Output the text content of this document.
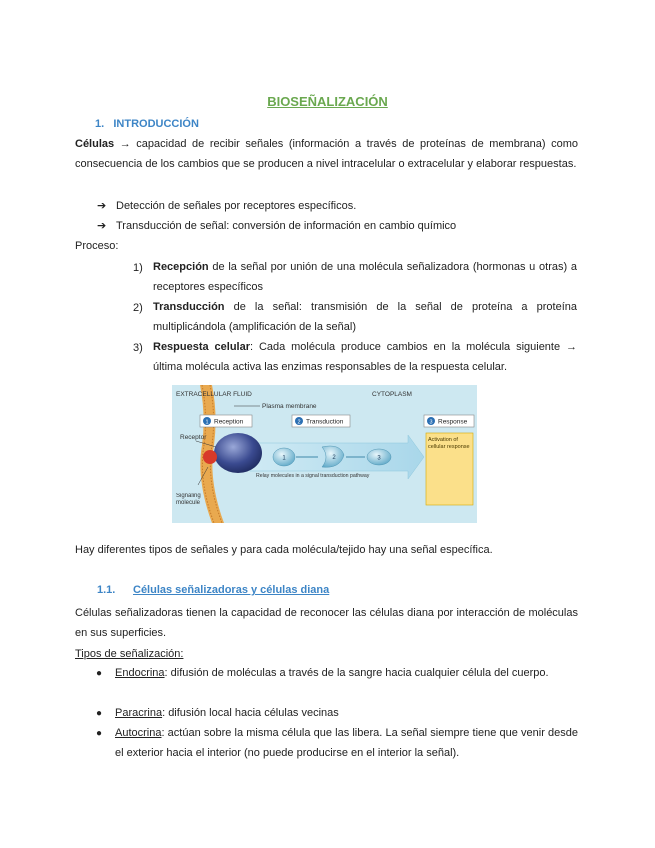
BIOSEÑALIZACIÓN
1. INTRODUCCIÓN
Células → capacidad de recibir señales (información a través de proteínas de membrana) como consecuencia de los cambios que se producen a nivel intracelular o extracelular y elaborar respuestas.
➔ Detección de señales por receptores específicos.
➔ Transducción de señal: conversión de información en cambio químico
Proceso:
1) Recepción de la señal por unión de una molécula señalizadora (hormonas u otras) a receptores específicos
2) Transducción de la señal: transmisión de la señal de proteína a proteína multiplicándola (amplificación de la señal)
3) Respuesta celular: Cada molécula produce cambios en la molécula siguiente → última molécula activa las enzimas responsables de la respuesta celular.
EXTRACELLULAR FLUID
Plasma membrane
CYTOPLASM
1 Reception	2 Transduction	3 Response
Receptor
1	2	3
Relay molecules in a signal transduction pathway
Activation of cellular response
Signaling molecule
Hay diferentes tipos de señales y para cada molécula/tejido hay una señal específica.
1.1. Células señalizadoras y células diana
Células señalizadoras tienen la capacidad de reconocer las células diana por interacción de moléculas en sus superficies.
Tipos de señalización:
● Endocrina: difusión de moléculas a través de la sangre hacia cualquier célula del cuerpo.
● Paracrina: difusión local hacia células vecinas
● Autocrina: actúan sobre la misma célula que las libera. La señal siempre tiene que venir desde el exterior hacia el interior (no puede producirse en el interior la señal).
